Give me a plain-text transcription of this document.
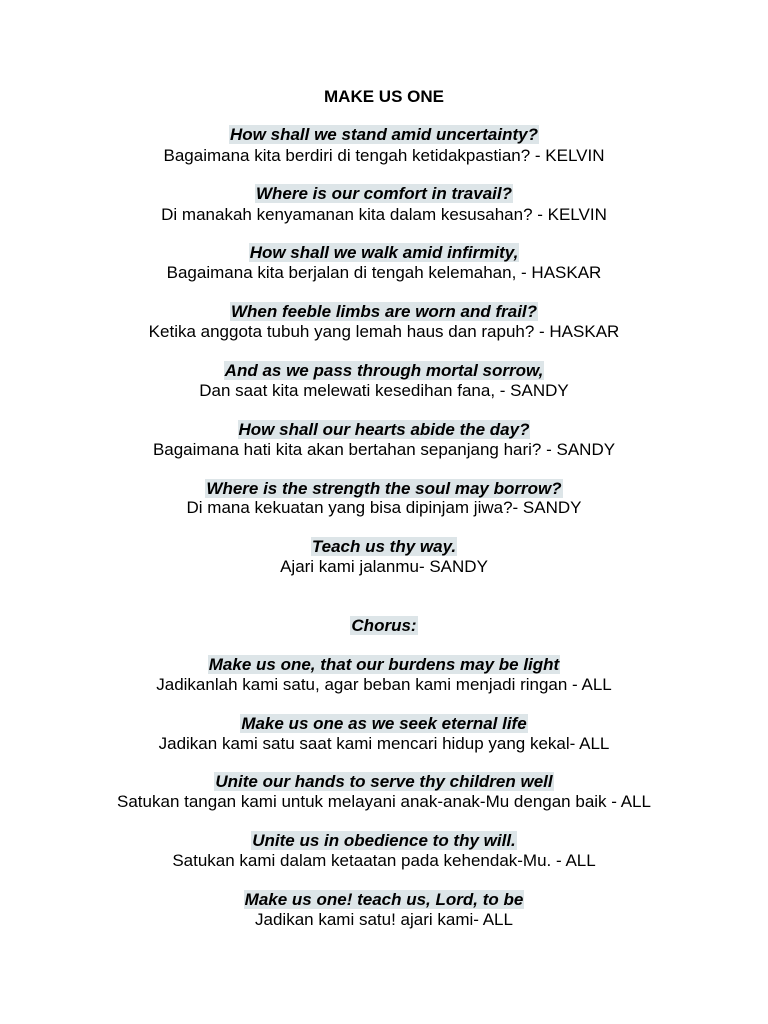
MAKE US ONE
How shall we stand amid uncertainty?
Bagaimana kita berdiri di tengah ketidakpastian? - KELVIN
Where is our comfort in travail?
Di manakah kenyamanan kita dalam kesusahan? - KELVIN
How shall we walk amid infirmity,
Bagaimana kita berjalan di tengah kelemahan, - HASKAR
When feeble limbs are worn and frail?
Ketika anggota tubuh yang lemah haus dan rapuh? - HASKAR
And as we pass through mortal sorrow,
Dan saat kita melewati kesedihan fana, - SANDY
How shall our hearts abide the day?
Bagaimana hati kita akan bertahan sepanjang hari? - SANDY
Where is the strength the soul may borrow?
Di mana kekuatan yang bisa dipinjam jiwa?- SANDY
Teach us thy way.
Ajari kami jalanmu- SANDY
Chorus:
Make us one, that our burdens may be light
Jadikanlah kami satu, agar beban kami menjadi ringan - ALL
Make us one as we seek eternal life
Jadikan kami satu saat kami mencari hidup yang kekal- ALL
Unite our hands to serve thy children well
Satukan tangan kami untuk melayani anak-anak-Mu dengan baik - ALL
Unite us in obedience to thy will.
Satukan kami dalam ketaatan pada kehendak-Mu. - ALL
Make us one! teach us, Lord, to be
Jadikan kami satu! ajari kami- ALL
